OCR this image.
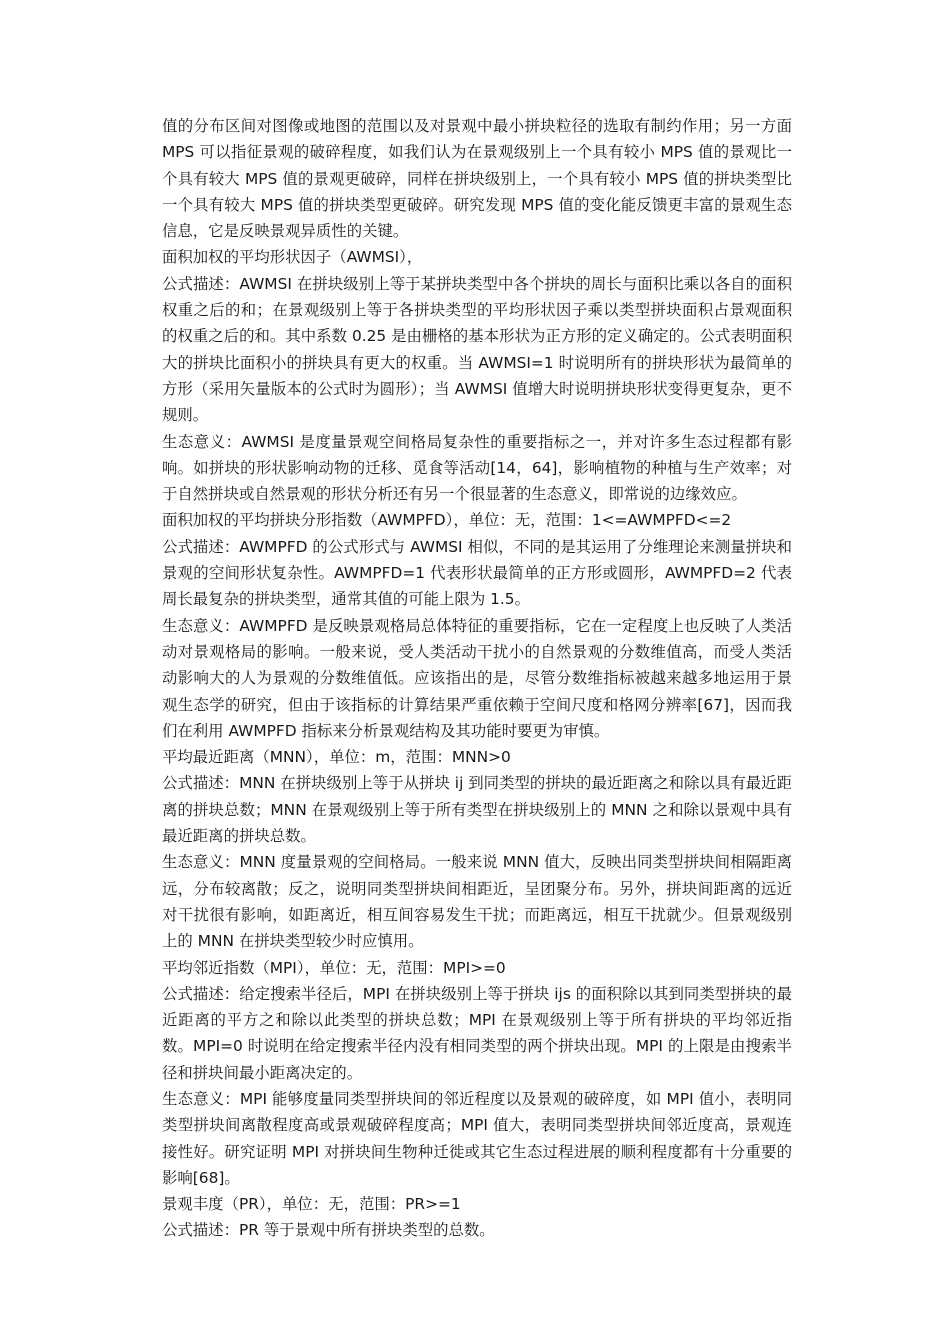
值的分布区间对图像或地图的范围以及对景观中最小拼块粒径的选取有制约作用；另一方面 MPS 可以指征景观的破碎程度，如我们认为在景观级别上一个具有较小 MPS 值的景观比一个具有较大 MPS 值的景观更破碎，同样在拼块级别上，一个具有较小 MPS 值的拼块类型比一个具有较大 MPS 值的拼块类型更破碎。研究发现 MPS 值的变化能反馈更丰富的景观生态信息，它是反映景观异质性的关键。

面积加权的平均形状因子（AWMSI），

公式描述：AWMSI 在拼块级别上等于某拼块类型中各个拼块的周长与面积比乘以各自的面积权重之后的和；在景观级别上等于各拼块类型的平均形状因子乘以类型拼块面积占景观面积的权重之后的和。其中系数 0.25 是由栅格的基本形状为正方形的定义确定的。公式表明面积大的拼块比面积小的拼块具有更大的权重。当 AWMSI=1 时说明所有的拼块形状为最简单的方形（采用矢量版本的公式时为圆形）；当 AWMSI 值增大时说明拼块形状变得更复杂，更不规则。

生态意义：AWMSI 是度量景观空间格局复杂性的重要指标之一，并对许多生态过程都有影响。如拼块的形状影响动物的迁移、觅食等活动[14，64]，影响植物的种植与生产效率；对于自然拼块或自然景观的形状分析还有另一个很显著的生态意义，即常说的边缘效应。

面积加权的平均拼块分形指数（AWMPFD），单位：无，范围：1<=AWMPFD<=2

公式描述：AWMPFD 的公式形式与 AWMSI 相似，不同的是其运用了分维理论来测量拼块和景观的空间形状复杂性。AWMPFD=1 代表形状最简单的正方形或圆形，AWMPFD=2 代表周长最复杂的拼块类型，通常其值的可能上限为 1.5。

生态意义：AWMPFD 是反映景观格局总体特征的重要指标，它在一定程度上也反映了人类活动对景观格局的影响。一般来说，受人类活动干扰小的自然景观的分数维值高，而受人类活动影响大的人为景观的分数维值低。应该指出的是，尽管分数维指标被越来越多地运用于景观生态学的研究，但由于该指标的计算结果严重依赖于空间尺度和格网分辨率[67]，因而我们在利用 AWMPFD 指标来分析景观结构及其功能时要更为审慎。

平均最近距离（MNN），单位：m，范围：MNN>0

公式描述：MNN 在拼块级别上等于从拼块 ij 到同类型的拼块的最近距离之和除以具有最近距离的拼块总数；MNN 在景观级别上等于所有类型在拼块级别上的 MNN 之和除以景观中具有最近距离的拼块总数。

生态意义：MNN 度量景观的空间格局。一般来说 MNN 值大，反映出同类型拼块间相隔距离远，分布较离散；反之，说明同类型拼块间相距近，呈团聚分布。另外，拼块间距离的远近对干扰很有影响，如距离近，相互间容易发生干扰；而距离远，相互干扰就少。但景观级别上的 MNN 在拼块类型较少时应慎用。

平均邻近指数（MPI），单位：无，范围：MPI>=0

公式描述：给定搜索半径后，MPI 在拼块级别上等于拼块 ijs 的面积除以其到同类型拼块的最近距离的平方之和除以此类型的拼块总数；MPI 在景观级别上等于所有拼块的平均邻近指数。MPI=0 时说明在给定搜索半径内没有相同类型的两个拼块出现。MPI 的上限是由搜索半径和拼块间最小距离决定的。

生态意义：MPI 能够度量同类型拼块间的邻近程度以及景观的破碎度，如 MPI 值小，表明同类型拼块间离散程度高或景观破碎程度高；MPI 值大，表明同类型拼块间邻近度高，景观连接性好。研究证明 MPI 对拼块间生物种迁徙或其它生态过程进展的顺利程度都有十分重要的影响[68]。

景观丰度（PR），单位：无，范围：PR>=1

公式描述：PR 等于景观中所有拼块类型的总数。
